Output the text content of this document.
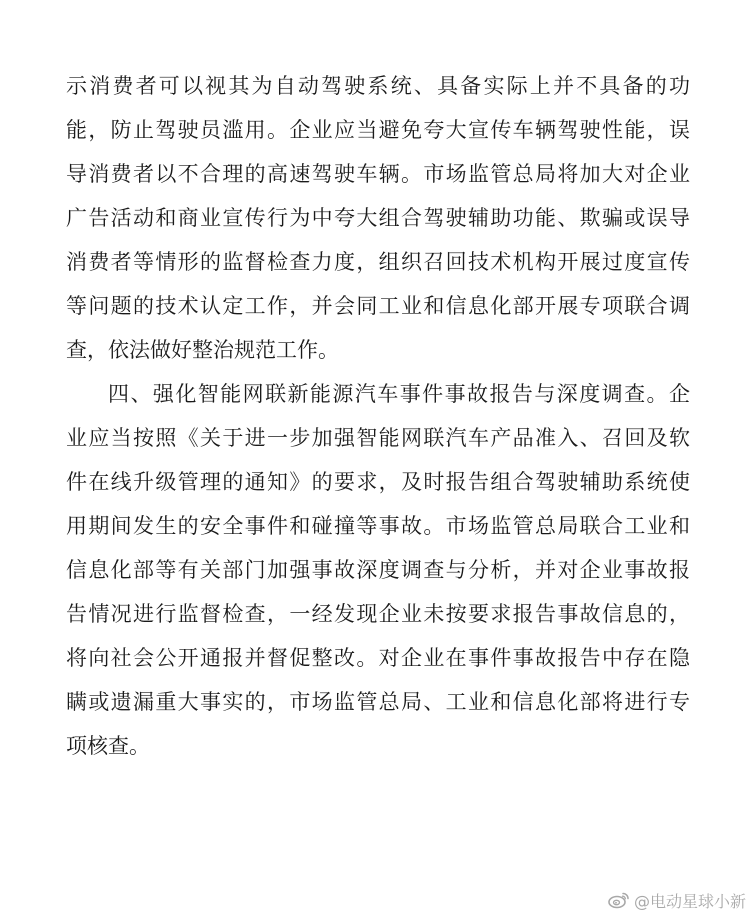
示消费者可以视其为自动驾驶系统、具备实际上并不具备的功
能，防止驾驶员滥用。企业应当避免夸大宣传车辆驾驶性能，误
导消费者以不合理的高速驾驶车辆。市场监管总局将加大对企业
广告活动和商业宣传行为中夸大组合驾驶辅助功能、欺骗或误导
消费者等情形的监督检查力度，组织召回技术机构开展过度宣传
等问题的技术认定工作，并会同工业和信息化部开展专项联合调
查，依法做好整治规范工作。
四、强化智能网联新能源汽车事件事故报告与深度调查。企
业应当按照《关于进一步加强智能网联汽车产品准入、召回及软
件在线升级管理的通知》的要求，及时报告组合驾驶辅助系统使
用期间发生的安全事件和碰撞等事故。市场监管总局联合工业和
信息化部等有关部门加强事故深度调查与分析，并对企业事故报
告情况进行监督检查，一经发现企业未按要求报告事故信息的，
将向社会公开通报并督促整改。对企业在事件事故报告中存在隐
瞒或遗漏重大事实的，市场监管总局、工业和信息化部将进行专
项核查。
@电动星球小新
